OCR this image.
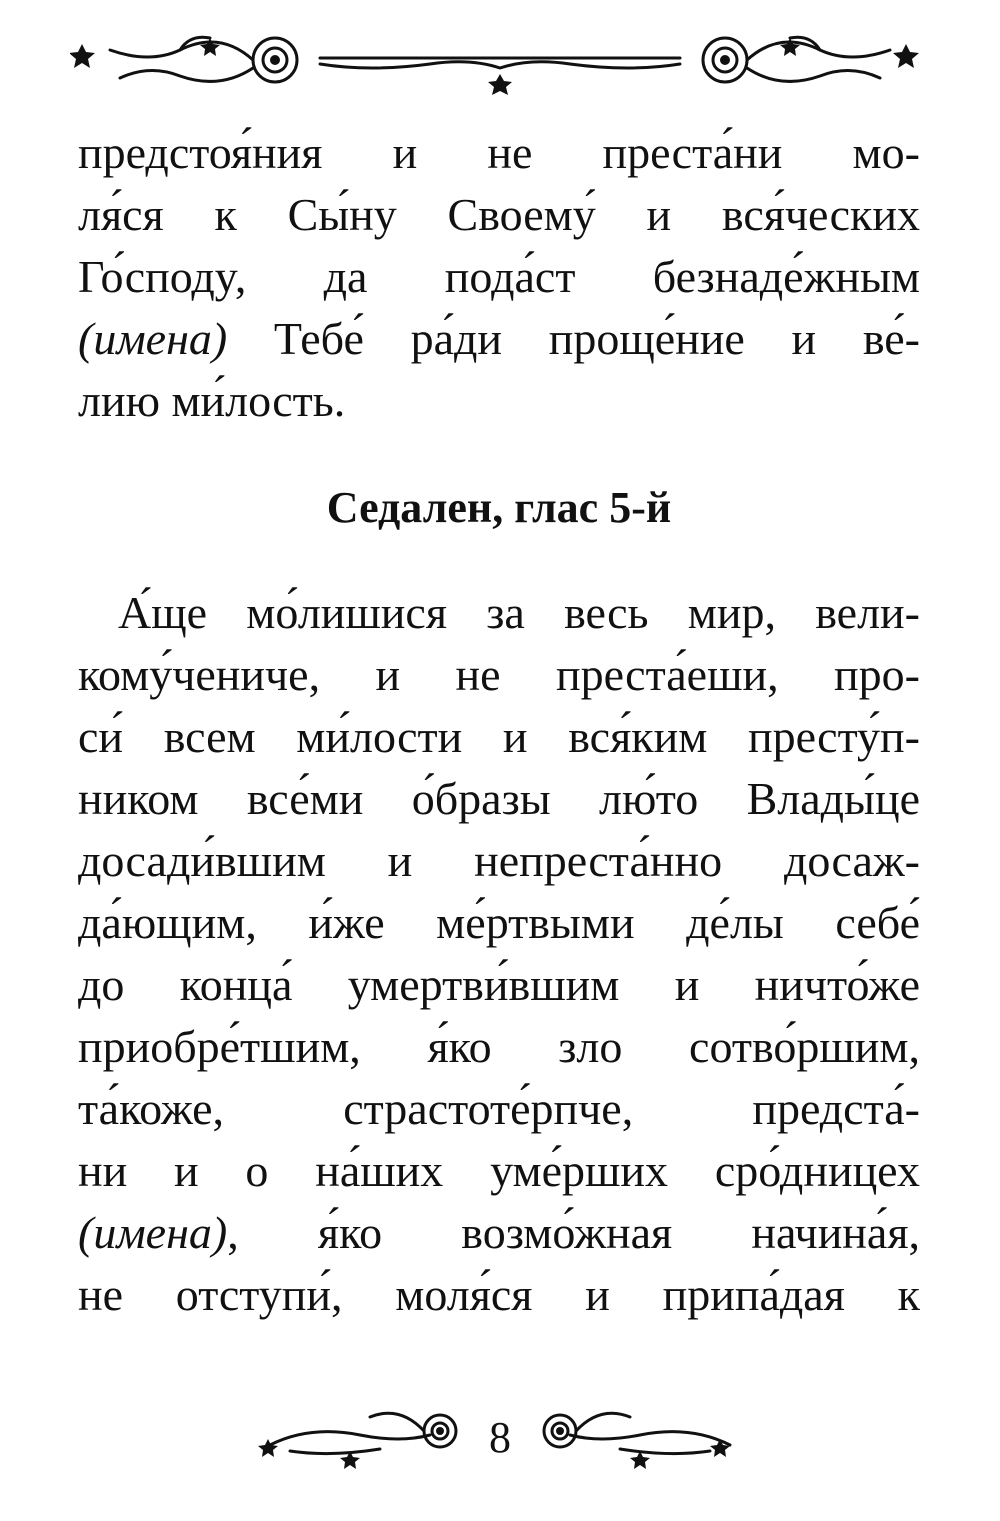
предстоя́ния и не преста́ни мо-
ля́ся к Сы́ну Своему́ и вся́ческих
Го́сподy, да пода́ст безнаде́жным
(имена) Тебе́ ра́ди проще́ние и ве́-
лию ми́лость.

Седален, глас 5-й

А́ще мо́лишися за весь мир, вели-
кому́чениче, и не преста́еши, про-
си́ всем ми́лости и вся́ким престу́п-
ником все́ми о́бразы лю́то Влады́це
досади́вшим и непреста́нно досаж-
да́ющим, и́же ме́ртвыми де́лы себе́
до конца́ умертви́вшим и ничто́же
приобре́тшим, я́ко зло сотво́ршим,
та́коже, страстоте́рпче, предста́-
ни и о на́ших уме́рших сро́дницех
(имена), я́ко возмо́жная начина́я,
не отступи́, моля́ся и припа́дая к

8
